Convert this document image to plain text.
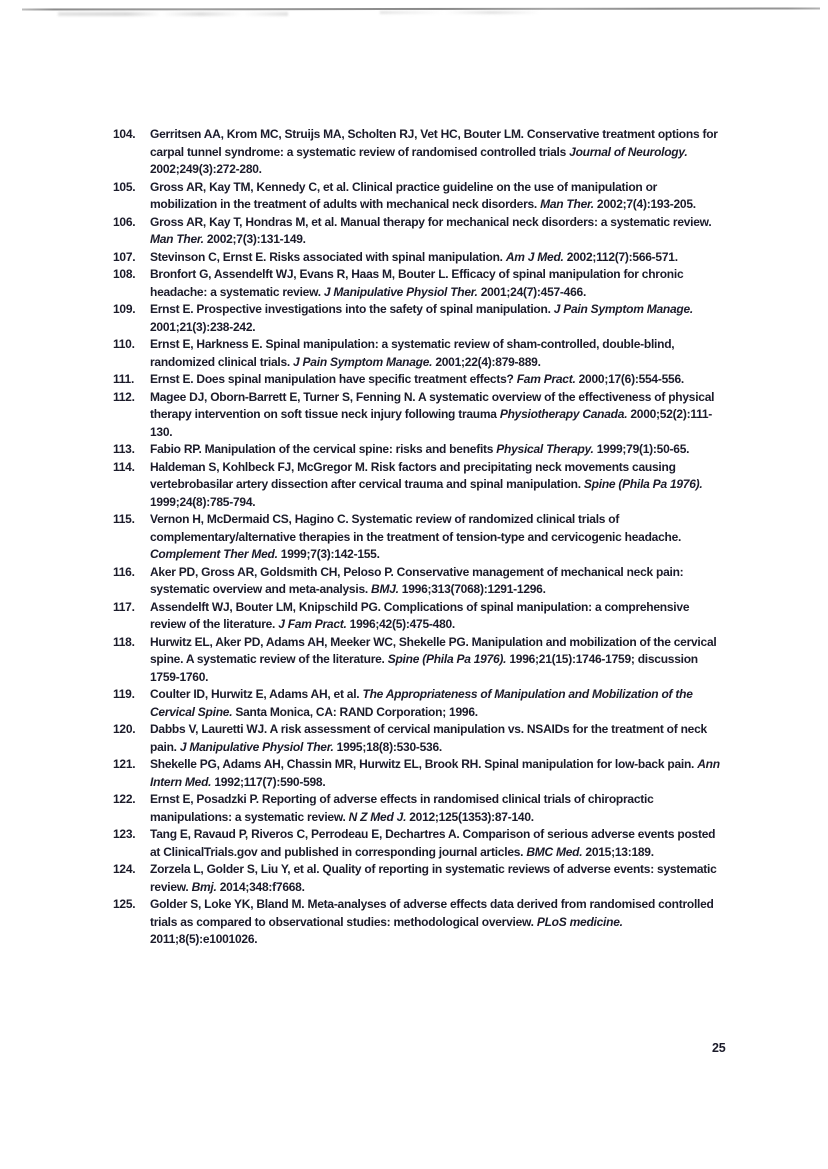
104.	Gerritsen AA, Krom MC, Struijs MA, Scholten RJ, Vet HC, Bouter LM. Conservative treatment options for carpal tunnel syndrome: a systematic review of randomised controlled trials Journal of Neurology. 2002;249(3):272-280.
105.	Gross AR, Kay TM, Kennedy C, et al. Clinical practice guideline on the use of manipulation or mobilization in the treatment of adults with mechanical neck disorders. Man Ther. 2002;7(4):193-205.
106.	Gross AR, Kay T, Hondras M, et al. Manual therapy for mechanical neck disorders: a systematic review. Man Ther. 2002;7(3):131-149.
107.	Stevinson C, Ernst E. Risks associated with spinal manipulation. Am J Med. 2002;112(7):566-571.
108.	Bronfort G, Assendelft WJ, Evans R, Haas M, Bouter L. Efficacy of spinal manipulation for chronic headache: a systematic review. J Manipulative Physiol Ther. 2001;24(7):457-466.
109.	Ernst E. Prospective investigations into the safety of spinal manipulation. J Pain Symptom Manage. 2001;21(3):238-242.
110.	Ernst E, Harkness E. Spinal manipulation: a systematic review of sham-controlled, double-blind, randomized clinical trials. J Pain Symptom Manage. 2001;22(4):879-889.
111.	Ernst E. Does spinal manipulation have specific treatment effects? Fam Pract. 2000;17(6):554-556.
112.	Magee DJ, Oborn-Barrett E, Turner S, Fenning N. A systematic overview of the effectiveness of physical therapy intervention on soft tissue neck injury following trauma Physiotherapy Canada. 2000;52(2):111-130.
113.	Fabio RP. Manipulation of the cervical spine: risks and benefits Physical Therapy. 1999;79(1):50-65.
114.	Haldeman S, Kohlbeck FJ, McGregor M. Risk factors and precipitating neck movements causing vertebrobasilar artery dissection after cervical trauma and spinal manipulation. Spine (Phila Pa 1976). 1999;24(8):785-794.
115.	Vernon H, McDermaid CS, Hagino C. Systematic review of randomized clinical trials of complementary/alternative therapies in the treatment of tension-type and cervicogenic headache. Complement Ther Med. 1999;7(3):142-155.
116.	Aker PD, Gross AR, Goldsmith CH, Peloso P. Conservative management of mechanical neck pain: systematic overview and meta-analysis. BMJ. 1996;313(7068):1291-1296.
117.	Assendelft WJ, Bouter LM, Knipschild PG. Complications of spinal manipulation: a comprehensive review of the literature. J Fam Pract. 1996;42(5):475-480.
118.	Hurwitz EL, Aker PD, Adams AH, Meeker WC, Shekelle PG. Manipulation and mobilization of the cervical spine. A systematic review of the literature. Spine (Phila Pa 1976). 1996;21(15):1746-1759; discussion 1759-1760.
119.	Coulter ID, Hurwitz E, Adams AH, et al. The Appropriateness of Manipulation and Mobilization of the Cervical Spine. Santa Monica, CA: RAND Corporation; 1996.
120.	Dabbs V, Lauretti WJ. A risk assessment of cervical manipulation vs. NSAIDs for the treatment of neck pain. J Manipulative Physiol Ther. 1995;18(8):530-536.
121.	Shekelle PG, Adams AH, Chassin MR, Hurwitz EL, Brook RH. Spinal manipulation for low-back pain. Ann Intern Med. 1992;117(7):590-598.
122.	Ernst E, Posadzki P. Reporting of adverse effects in randomised clinical trials of chiropractic manipulations: a systematic review. N Z Med J. 2012;125(1353):87-140.
123.	Tang E, Ravaud P, Riveros C, Perrodeau E, Dechartres A. Comparison of serious adverse events posted at ClinicalTrials.gov and published in corresponding journal articles. BMC Med. 2015;13:189.
124.	Zorzela L, Golder S, Liu Y, et al. Quality of reporting in systematic reviews of adverse events: systematic review. Bmj. 2014;348:f7668.
125.	Golder S, Loke YK, Bland M. Meta-analyses of adverse effects data derived from randomised controlled trials as compared to observational studies: methodological overview. PLoS medicine. 2011;8(5):e1001026.
25
